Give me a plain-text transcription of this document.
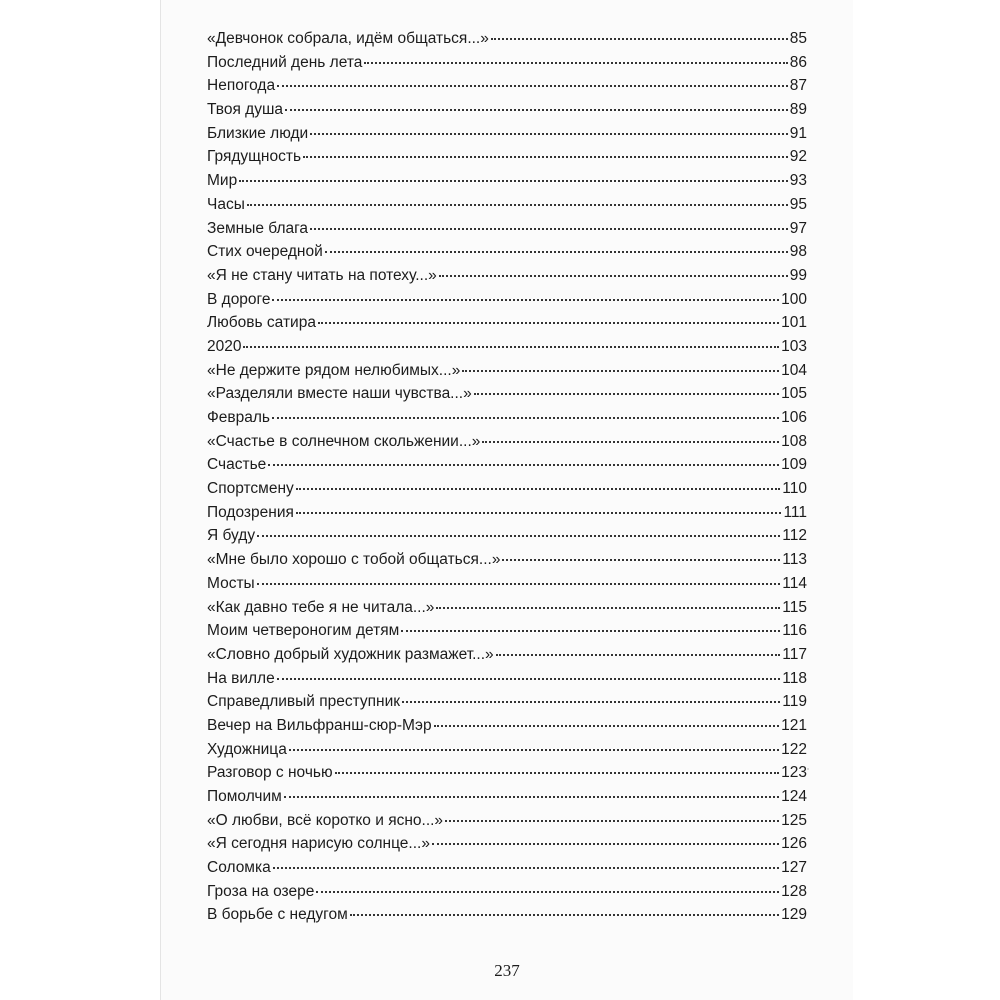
«Девчонок собрала, идём общаться...»	85
Последний день лета	86
Непогода	87
Твоя душа	89
Близкие люди	91
Грядущность	92
Мир	93
Часы	95
Земные блага	97
Стих очередной	98
«Я не стану читать на потеху...»	99
В дороге	100
Любовь сатира	101
2020	103
«Не держите рядом нелюбимых...»	104
«Разделяли вместе наши чувства...»	105
Февраль	106
«Счастье в солнечном скольжении...»	108
Счастье	109
Спортсмену	110
Подозрения	111
Я буду	112
«Мне было хорошо с тобой общаться...»	113
Мосты	114
«Как давно тебе я не читала...»	115
Моим четвероногим детям	116
«Словно добрый художник размажет...»	117
На вилле	118
Справедливый преступник	119
Вечер на Вильфранш-сюр-Мэр	121
Художница	122
Разговор с ночью	123
Помолчим	124
«О любви, всё коротко и ясно...»	125
«Я сегодня нарисую солнце...»	126
Соломка	127
Гроза на озере	128
В борьбе с недугом	129
237
